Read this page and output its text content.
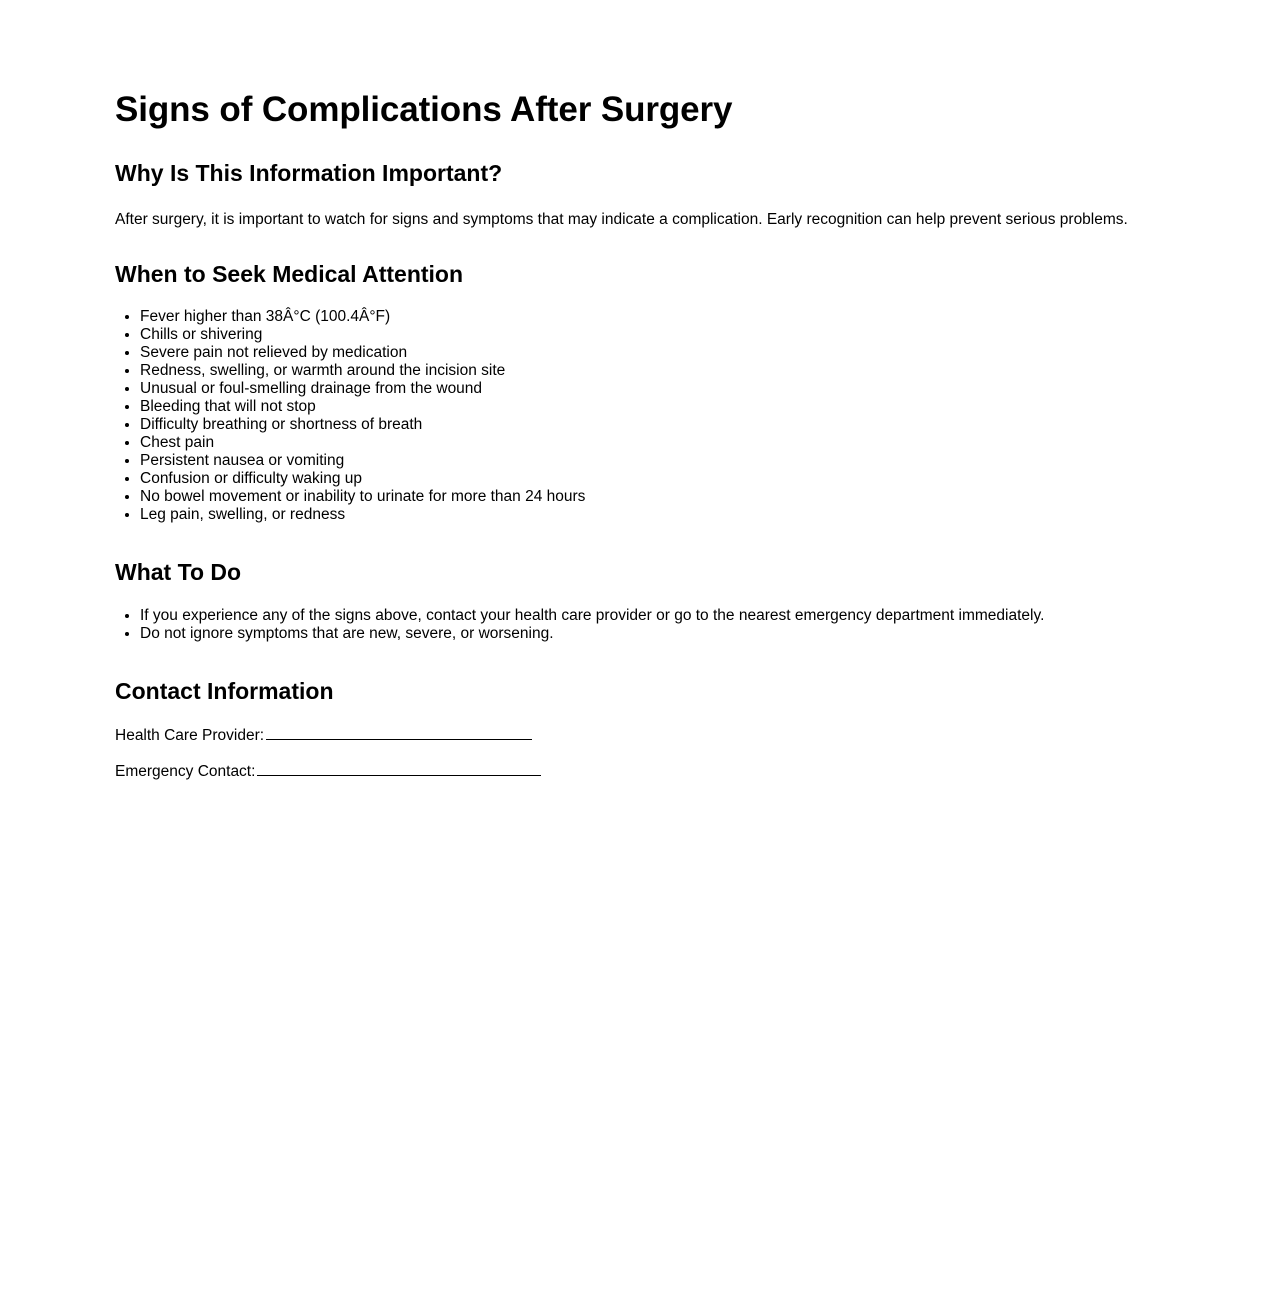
Signs of Complications After Surgery
Why Is This Information Important?

After surgery, it is important to watch for signs and symptoms that may indicate a complication. Early recognition can help prevent serious problems.

When to Seek Medical Attention
• Fever higher than 38Â°C (100.4Â°F)
• Chills or shivering
• Severe pain not relieved by medication
• Redness, swelling, or warmth around the incision site
• Unusual or foul-smelling drainage from the wound
• Bleeding that will not stop
• Difficulty breathing or shortness of breath
• Chest pain
• Persistent nausea or vomiting
• Confusion or difficulty waking up
• No bowel movement or inability to urinate for more than 24 hours
• Leg pain, swelling, or redness
What To Do
• If you experience any of the signs above, contact your health care provider or go to the nearest emergency department immediately.
• Do not ignore symptoms that are new, severe, or worsening.
Contact Information
Health Care Provider:
Emergency Contact:
